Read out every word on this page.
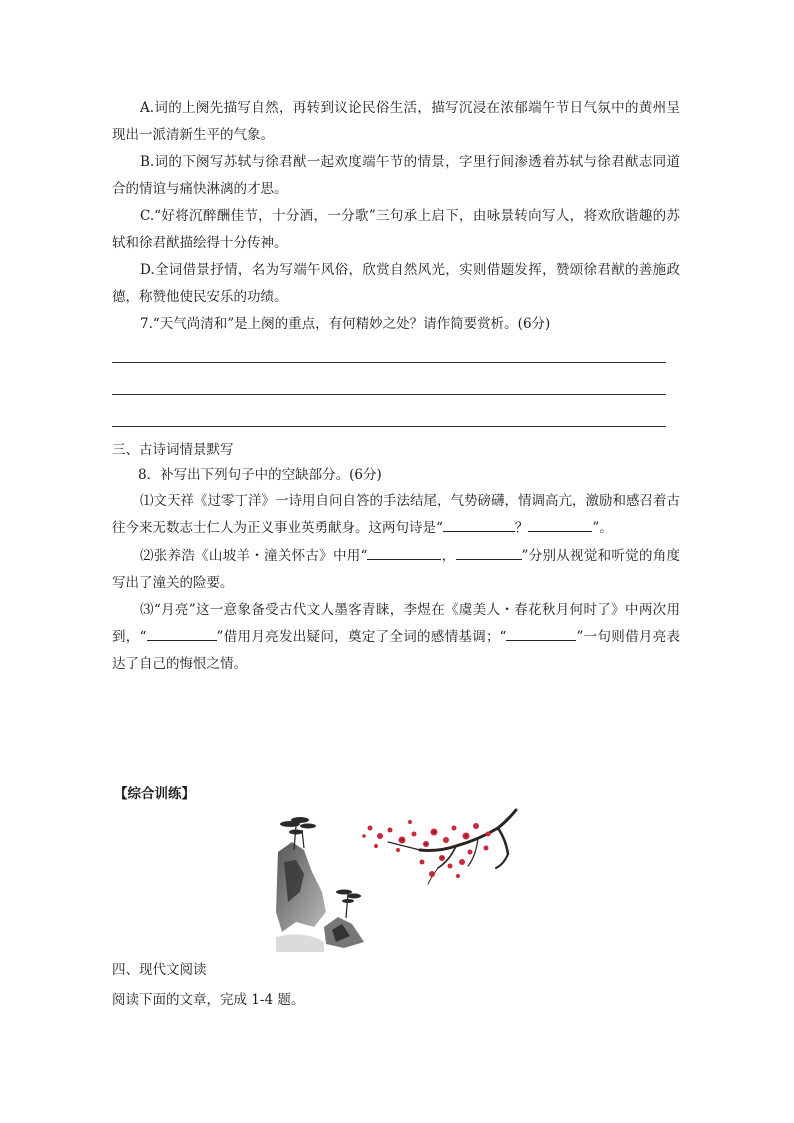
A.词的上阕先描写自然，再转到议论民俗生活，描写沉浸在浓郁端午节日气氛中的黄州呈现出一派清新生平的气象。

B.词的下阕写苏轼与徐君猷一起欢度端午节的情景，字里行间渗透着苏轼与徐君猷志同道合的情谊与痛快淋漓的才思。

C.“好将沉醉酬佳节，十分酒，一分歌”三句承上启下，由咏景转向写人，将欢欣谐趣的苏轼和徐君猷描绘得十分传神。

D.全词借景抒情，名为写端午风俗，欣赏自然风光，实则借题发挥，赞颂徐君猷的善施政德，称赞他使民安乐的功绩。

7.“天气尚清和”是上阕的重点，有何精妙之处？请作简要赏析。(6分)

三、古诗词情景默写
8．补写出下列句子中的空缺部分。(6分)

⑴文天祥《过零丁洋》一诗用自问自答的手法结尾，气势磅礴，情调高亢，激励和感召着古往今来无数志士仁人为正义事业英勇献身。这两句诗是“	？	”。

⑵张养浩《山坡羊・潼关怀古》中用“	，	”分别从视觉和听觉的角度写出了潼关的险要。

⑶“月亮”这一意象备受古代文人墨客青睐，李煜在《虞美人・春花秋月何时了》中两次用到，“	”借用月亮发出疑问，奠定了全词的感情基调；“	”一句则借月亮表达了自己的悔恨之情。

【综合训练】
四、现代文阅读
阅读下面的文章，完成 1-4 题。
